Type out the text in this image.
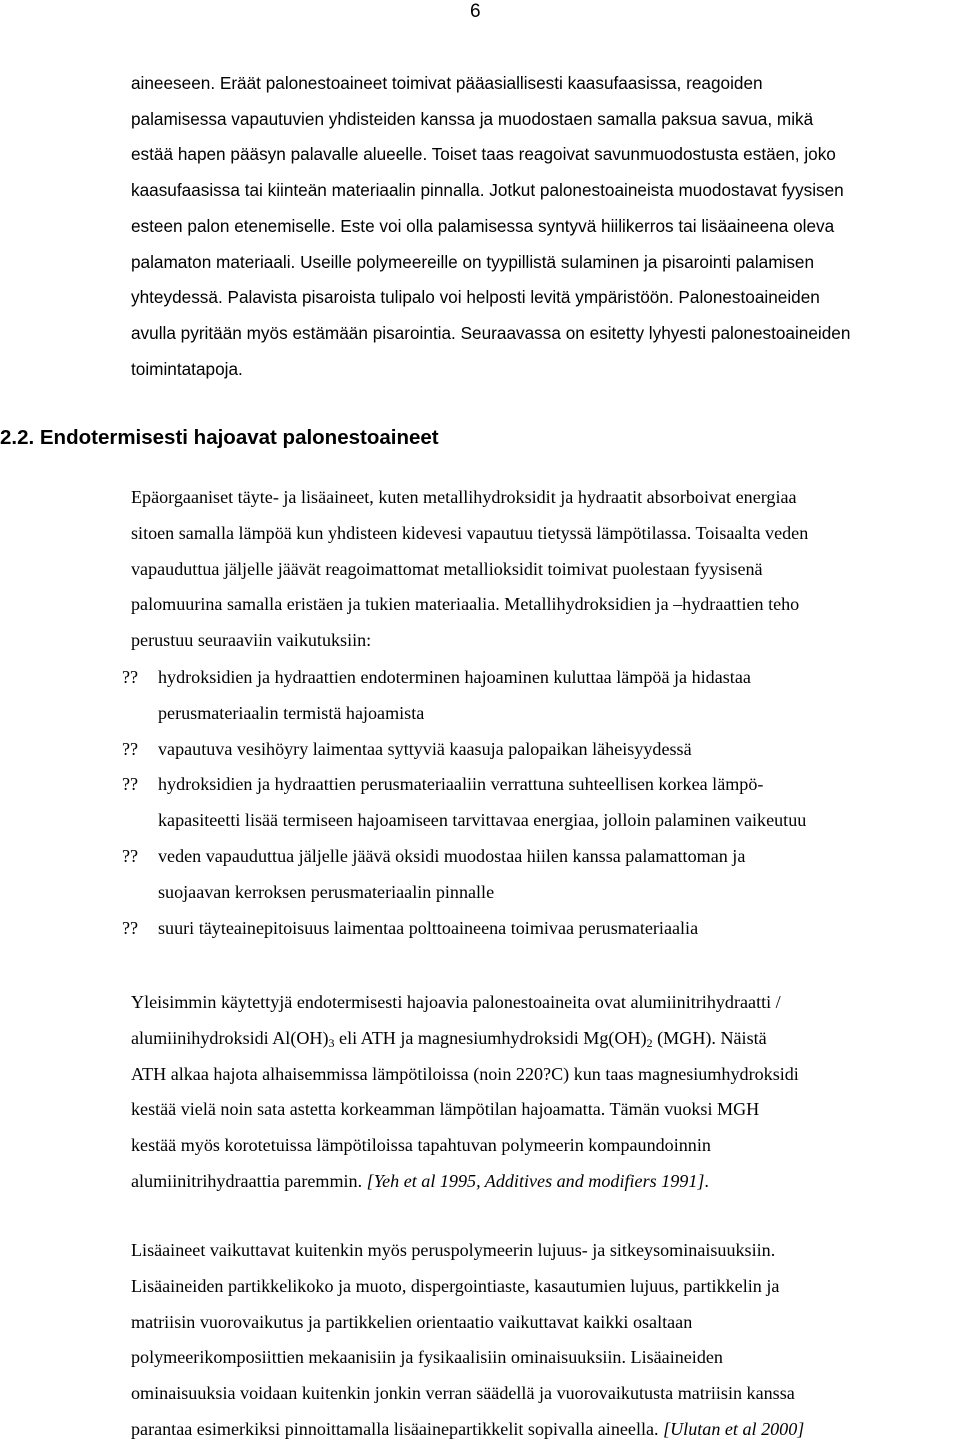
6
aineeseen. Eräät palonestoaineet toimivat pääasiallisesti kaasufaasissa, reagoiden
palamisessa vapautuvien yhdisteiden kanssa ja muodostaen samalla paksua savua, mikä
estää hapen pääsyn palavalle alueelle. Toiset taas reagoivat savunmuodostusta estäen, joko
kaasufaasissa tai kiinteän materiaalin pinnalla. Jotkut palonestoaineista muodostavat fyysisen
esteen palon etenemiselle. Este voi olla palamisessa syntyvä hiilikerros tai lisäaineena oleva
palamaton materiaali. Useille polymeereille on tyypillistä sulaminen ja pisarointi palamisen
yhteydessä. Palavista pisaroista tulipalo voi helposti levitä ympäristöön. Palonestoaineiden
avulla pyritään myös estämään pisarointia. Seuraavassa on esitetty lyhyesti palonestoaineiden
toimintatapoja.
2.2. Endotermisesti hajoavat palonestoaineet
Epäorgaaniset täyte- ja lisäaineet, kuten metallihydroksidit ja hydraatit absorboivat energiaa
sitoen samalla lämpöä kun yhdisteen kidevesi vapautuu tietyssä lämpötilassa. Toisaalta veden
vapauduttua jäljelle jäävät reagoimattomat metallioksidit toimivat puolestaan fyysisenä
palomuurina samalla eristäen ja tukien materiaalia. Metallihydroksidien ja –hydraattien teho
perustuu seuraaviin vaikutuksiin:
?? hydroksidien ja hydraattien endoterminen hajoaminen kuluttaa lämpöä ja hidastaa
perusmateriaalin termistä hajoamista
?? vapautuva vesihöyry laimentaa syttyviä kaasuja palopaikan läheisyydessä
?? hydroksidien ja hydraattien perusmateriaaliin verrattuna suhteellisen korkea lämpö-
kapasiteetti lisää termiseen hajoamiseen tarvittavaa energiaa, jolloin palaminen vaikeutuu
?? veden vapauduttua jäljelle jäävä oksidi muodostaa hiilen kanssa palamattoman ja
suojaavan kerroksen perusmateriaalin pinnalle
?? suuri täyteainepitoisuus laimentaa polttoaineena toimivaa perusmateriaalia
Yleisimmin käytettyjä endotermisesti hajoavia palonestoaineita ovat alumiinitrihydraatti /
alumiinihydroksidi $Al(OH)_3$ eli ATH ja magnesiumhydroksidi $Mg(OH)_2$ (MGH). Näistä
ATH alkaa hajota alhaisemmissa lämpötiloissa (noin 220?C) kun taas magnesiumhydroksidi
kestää vielä noin sata astetta korkeamman lämpötilan hajoamatta. Tämän vuoksi MGH
kestää myös korotetuissa lämpötiloissa tapahtuvan polymeerin kompaundoinnin
alumiinitrihydraattia paremmin. [Yeh et al 1995, Additives and modifiers 1991].
Lisäaineet vaikuttavat kuitenkin myös peruspolymeerin lujuus- ja sitkeysominaisuuksiin.
Lisäaineiden partikkelikoko ja muoto, dispergointiaste, kasautumien lujuus, partikkelin ja
matriisin vuorovaikutus ja partikkelien orientaatio vaikuttavat kaikki osaltaan
polymeerikomposiittien mekaanisiin ja fysikaalisiin ominaisuuksiin. Lisäaineiden
ominaisuuksia voidaan kuitenkin jonkin verran säädellä ja vuorovaikutusta matriisin kanssa
parantaa esimerkiksi pinnoittamalla lisäainepartikkelit sopivalla aineella. [Ulutan et al 2000]
